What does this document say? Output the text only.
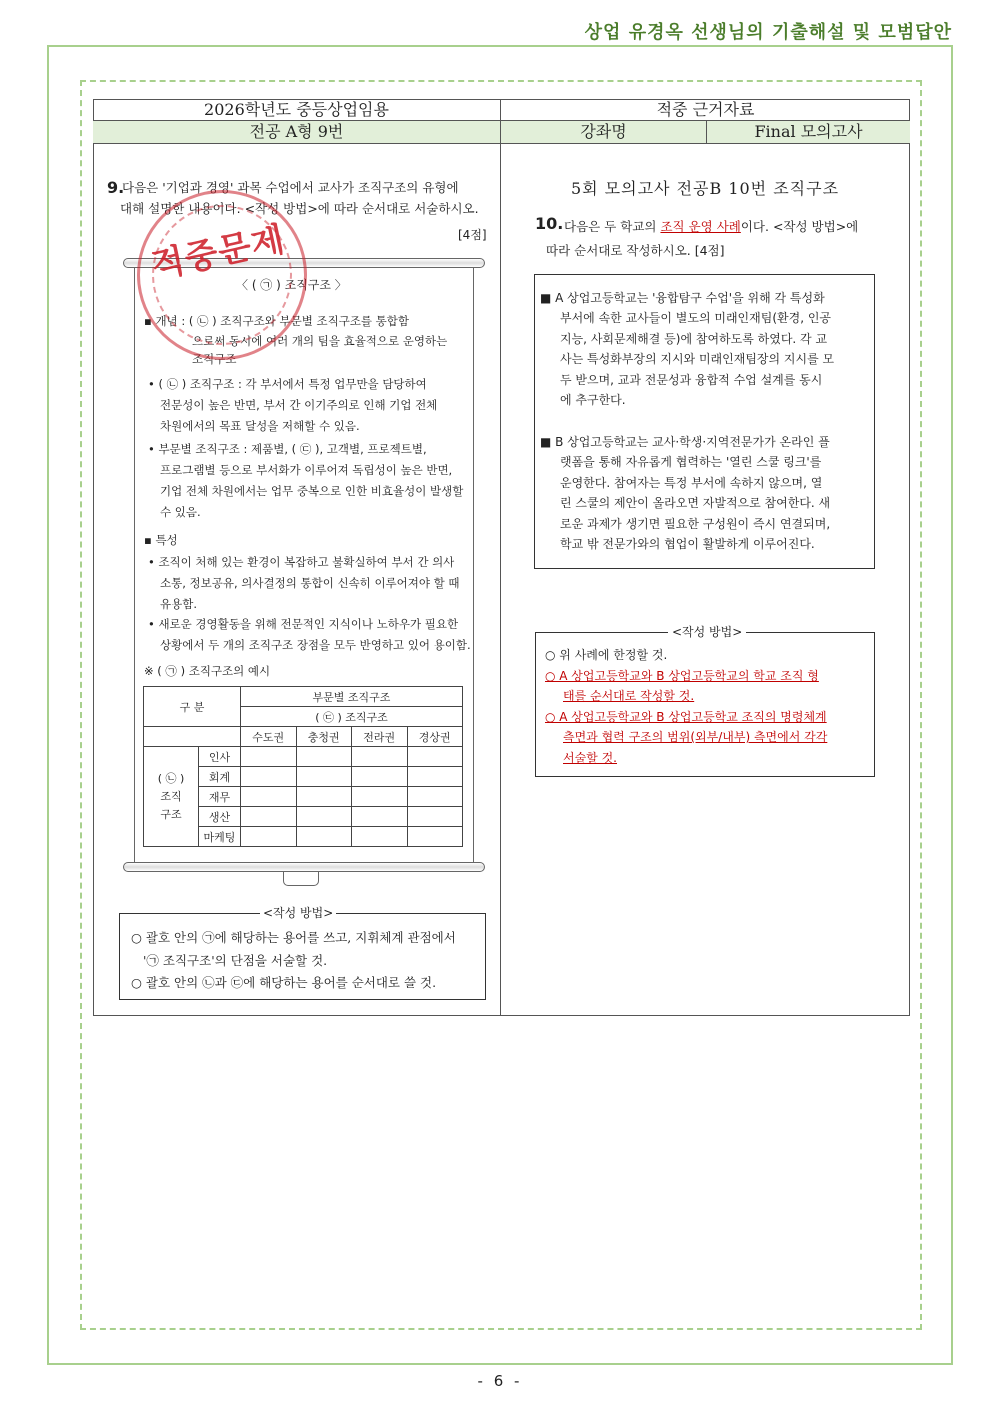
상업 유경옥 선생님의 기출해설 및 모범답안
2026학년도 중등상업임용	적중 근거자료
전공 A형 9번	강좌명	Final 모의고사
9.
다음은 '기업과 경영' 과목 수업에서 교사가 조직구조의 유형에
대해 설명한 내용이다. <작성 방법>에 따라 순서대로 서술하시오.
[4점]
〈 ( ㉠ ) 조직구조 〉
▪ 개념 : ( ㉡ ) 조직구조와 부문별 조직구조를 통합함
으로써 동시에 여러 개의 팀을 효율적으로 운영하는
조직구조
• ( ㉡ ) 조직구조 : 각 부서에서 특정 업무만을 담당하여
전문성이 높은 반면, 부서 간 이기주의로 인해 기업 전체
차원에서의 목표 달성을 저해할 수 있음.
• 부문별 조직구조 : 제품별, ( ㉢ ), 고객별, 프로젝트별,
프로그램별 등으로 부서화가 이루어져 독립성이 높은 반면,
기업 전체 차원에서는 업무 중복으로 인한 비효율성이 발생할
수 있음.
▪ 특성
• 조직이 처해 있는 환경이 복잡하고 불확실하여 부서 간 의사
소통, 정보공유, 의사결정의 통합이 신속히 이루어져야 할 때
유용함.
• 새로운 경영활동을 위해 전문적인 지식이나 노하우가 필요한
상황에서 두 개의 조직구조 장점을 모두 반영하고 있어 용이함.
※ ( ㉠ ) 조직구조의 예시
구 분		부문별 조직구조			
		( ㉢ ) 조직구조			
		수도권	충청권	전라권	경상권
( ㉡ )
조직
구조	인사				
	회계				
	재무				
	생산				
	마케팅				
<작성 방법>
○ 괄호 안의 ㉠에 해당하는 용어를 쓰고, 지휘체계 관점에서
'㉠ 조직구조'의 단점을 서술할 것.
○ 괄호 안의 ㉡과 ㉢에 해당하는 용어를 순서대로 쓸 것.
적중문제
5회 모의고사 전공B 10번 조직구조
10. 다음은 두 학교의 조직 운영 사례이다. <작성 방법>에
따라 순서대로 작성하시오. [4점]
■ A 상업고등학교는 '융합탐구 수업'을 위해 각 특성화
부서에 속한 교사들이 별도의 미래인재팀(환경, 인공
지능, 사회문제해결 등)에 참여하도록 하였다. 각 교
사는 특성화부장의 지시와 미래인재팀장의 지시를 모
두 받으며, 교과 전문성과 융합적 수업 설계를 동시
에 추구한다.
■ B 상업고등학교는 교사·학생·지역전문가가 온라인 플
랫폼을 통해 자유롭게 협력하는 '열린 스쿨 링크'를
운영한다. 참여자는 특정 부서에 속하지 않으며, 열
린 스쿨의 제안이 올라오면 자발적으로 참여한다. 새
로운 과제가 생기면 필요한 구성원이 즉시 연결되며,
학교 밖 전문가와의 협업이 활발하게 이루어진다.
<작성 방법>
○ 위 사례에 한정할 것.
○ A 상업고등학교와 B 상업고등학교의 학교 조직 형
태를 순서대로 작성할 것.
○ A 상업고등학교와 B 상업고등학교 조직의 명령체계
측면과 협력 구조의 범위(외부/내부) 측면에서 각각
서술할 것.
- 6 -
